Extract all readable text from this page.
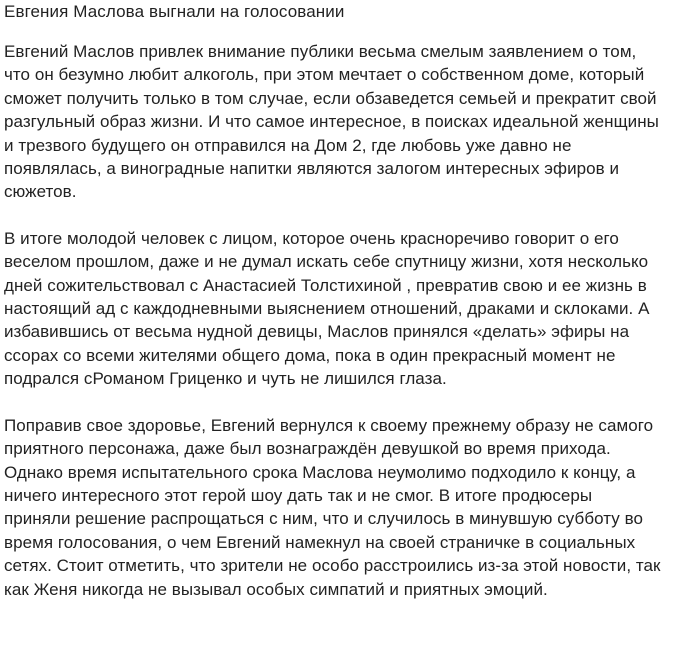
Евгения Маслова выгнали на голосовании

Евгений Маслов привлек внимание публики весьма смелым заявлением о том,
что он безумно любит алкоголь, при этом мечтает о собственном доме, который
сможет получить только в том случае, если обзаведется семьей и прекратит свой
разгульный образ жизни. И что самое интересное, в поисках идеальной женщины
и трезвого будущего он отправился на Дом 2, где любовь уже давно не
появлялась, а виноградные напитки являются залогом интересных эфиров и
сюжетов.

В итоге молодой человек с лицом, которое очень красноречиво говорит о его
веселом прошлом, даже и не думал искать себе спутницу жизни, хотя несколько
дней сожительствовал с Анастасией Толстихиной , превратив свою и ее жизнь в
настоящий ад с каждодневными выяснением отношений, драками и склоками. А
избавившись от весьма нудной девицы, Маслов принялся «делать» эфиры на
ссорах со всеми жителями общего дома, пока в один прекрасный момент не
подрался сРоманом Гриценко и чуть не лишился глаза.

Поправив свое здоровье, Евгений вернулся к своему прежнему образу не самого
приятного персонажа, даже был вознаграждён девушкой во время прихода.
Однако время испытательного срока Маслова неумолимо подходило к концу, а
ничего интересного этот герой шоу дать так и не смог. В итоге продюсеры
приняли решение распрощаться с ним, что и случилось в минувшую субботу во
время голосования, о чем Евгений намекнул на своей страничке в социальных
сетях. Стоит отметить, что зрители не особо расстроились из-за этой новости, так
как Женя никогда не вызывал особых симпатий и приятных эмоций.
